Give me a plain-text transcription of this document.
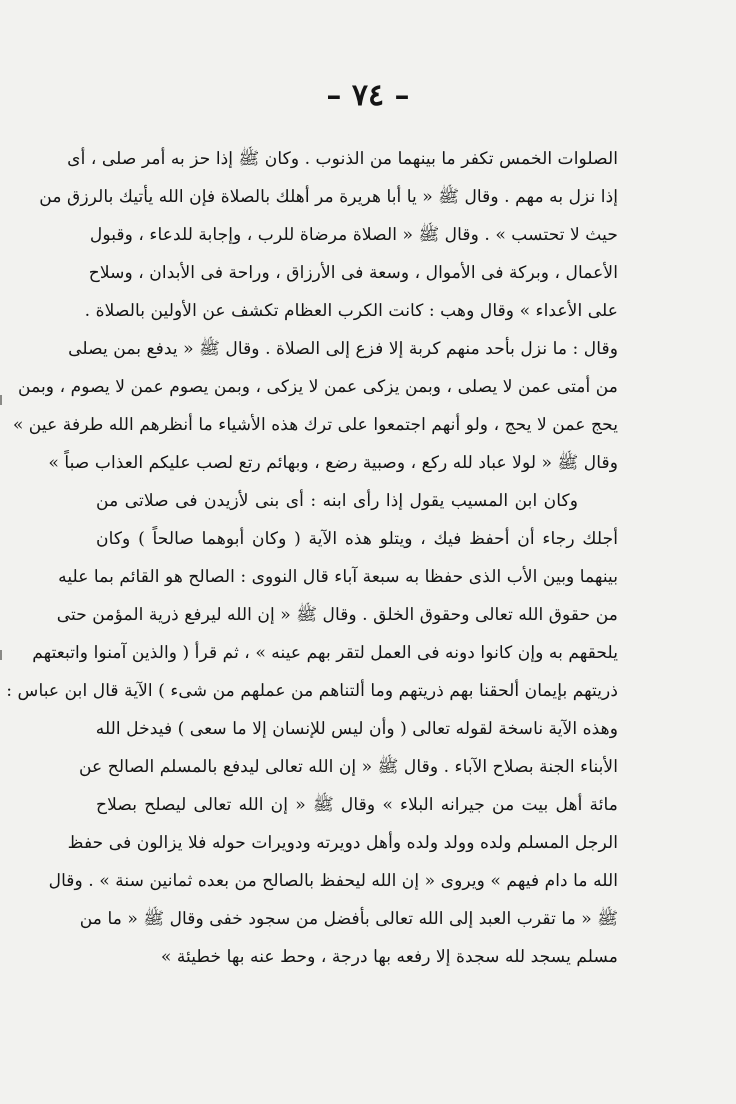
– ٧٤ –
الصلوات الخمس تكفر ما بينهما من الذنوب . وكان ﷺ إذا حز به أمر صلى ، أى
إذا نزل به مهم . وقال ﷺ « يا أبا هريرة مر أهلك بالصلاة فإن الله يأتيك بالرزق من
حيث لا تحتسب » . وقال ﷺ « الصلاة مرضاة للرب ، وإجابة للدعاء ، وقبول
الأعمال ، وبركة فى الأموال ، وسعة فى الأرزاق ، وراحة فى الأبدان ، وسلاح
على الأعداء » وقال وهب : كانت الكرب العظام تكشف عن الأولين بالصلاة .
وقال : ما نزل بأحد منهم كربة إلا فزع إلى الصلاة . وقال ﷺ « يدفع بمن يصلى
من أمتى عمن لا يصلى ، وبمن يزكى عمن لا يزكى ، وبمن يصوم عمن لا يصوم ، وبمن
يحج عمن لا يحج ، ولو أنهم اجتمعوا على ترك هذه الأشياء ما أنظرهم الله طرفة عين »
وقال ﷺ « لولا عباد لله ركع ، وصبية رضع ، وبهائم رتع لصب عليكم العذاب صباً »
وكان ابن المسيب يقول إذا رأى ابنه : أى بنى لأزيدن فى صلاتى من
أجلك رجاء أن أحفظ فيك ، ويتلو هذه الآية ( وكان أبوهما صالحاً ) وكان
بينهما وبين الأب الذى حفظا به سبعة آباء قال النووى : الصالح هو القائم بما عليه
من حقوق الله تعالى وحقوق الخلق . وقال ﷺ « إن الله ليرفع ذرية المؤمن حتى
يلحقهم به وإن كانوا دونه فى العمل لتقر بهم عينه » ، ثم قرأ ( والذين آمنوا واتبعتهم
ذريتهم بإيمان ألحقنا بهم ذريتهم وما ألتناهم من عملهم من شىء ) الآية قال ابن عباس :
وهذه الآية ناسخة لقوله تعالى ( وأن ليس للإنسان إلا ما سعى ) فيدخل الله
الأبناء الجنة بصلاح الآباء . وقال ﷺ « إن الله تعالى ليدفع بالمسلم الصالح عن
مائة أهل بيت من جيرانه البلاء » وقال ﷺ « إن الله تعالى ليصلح بصلاح
الرجل المسلم ولده وولد ولده وأهل دويرته ودويرات حوله فلا يزالون فى حفظ
الله ما دام فيهم » ويروى « إن الله ليحفظ بالصالح من بعده ثمانين سنة » . وقال
ﷺ « ما تقرب العبد إلى الله تعالى بأفضل من سجود خفى وقال ﷺ « ما من
مسلم يسجد لله سجدة إلا رفعه بها درجة ، وحط عنه بها خطيئة »
